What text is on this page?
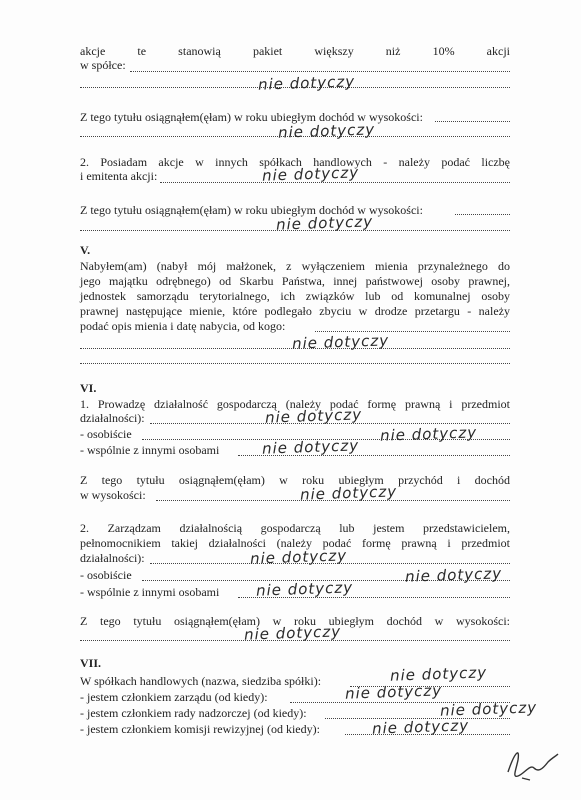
akcje te stanowią pakiet większy niż 10% akcji
w spółce:
nie dotyczy
Z tego tytułu osiągnąłem(ęłam) w roku ubiegłym dochód w wysokości:
nie dotyczy
2. Posiadam akcje w innych spółkach handlowych - należy podać liczbę
i emitenta akcji:	nie dotyczy
Z tego tytułu osiągnąłem(ęłam) w roku ubiegłym dochód w wysokości:
nie dotyczy
V.
Nabyłem(am) (nabył mój małżonek, z wyłączeniem mienia przynależnego do
jego majątku odrębnego) od Skarbu Państwa, innej państwowej osoby prawnej,
jednostek samorządu terytorialnego, ich związków lub od komunalnej osoby
prawnej następujące mienie, które podlegało zbyciu w drodze przetargu - należy
podać opis mienia i datę nabycia, od kogo:
nie dotyczy
VI.
1. Prowadzę działalność gospodarczą (należy podać formę prawną i przedmiot
działalności):	nie dotyczy
- osobiście	nie dotyczy
- wspólnie z innymi osobami	nie dotyczy
Z tego tytułu osiągnąłem(ęłam) w roku ubiegłym przychód i dochód
w wysokości:	nie dotyczy
2. Zarządzam działalnością gospodarczą lub jestem przedstawicielem,
pełnomocnikiem takiej działalności (należy podać formę prawną i przedmiot
działalności):	nie dotyczy
- osobiście	nie dotyczy
- wspólnie z innymi osobami	nie dotyczy
Z tego tytułu osiągnąłem(ęłam) w roku ubiegłym dochód w wysokości:
nie dotyczy
VII.
W spółkach handlowych (nazwa, siedziba spółki):	nie dotyczy
- jestem członkiem zarządu (od kiedy):	nie dotyczy
- jestem członkiem rady nadzorczej (od kiedy):	nie dotyczy
- jestem członkiem komisji rewizyjnej (od kiedy):	nie dotyczy
